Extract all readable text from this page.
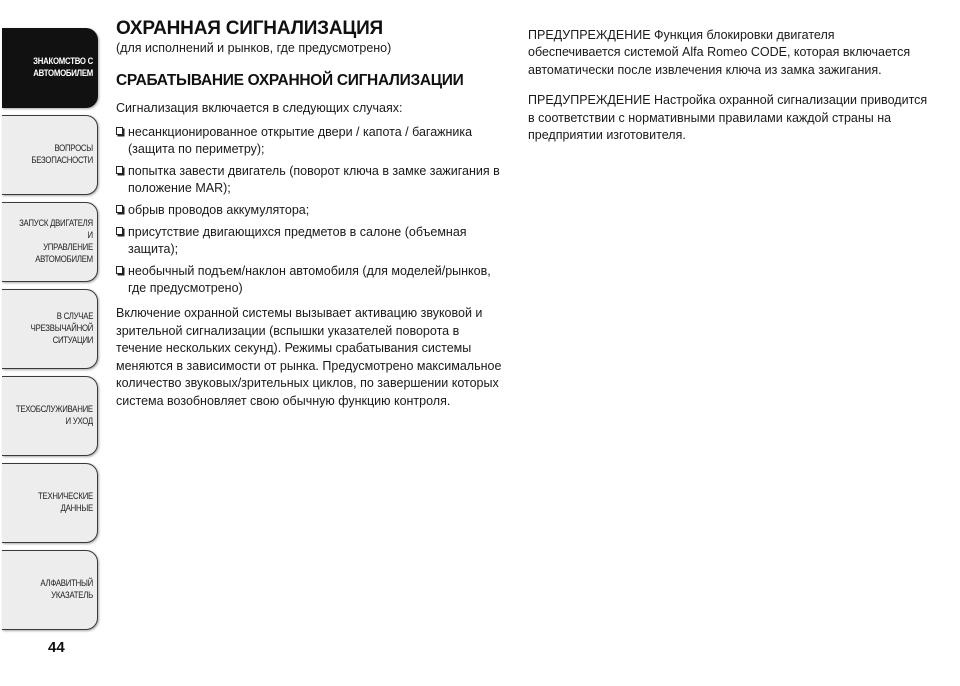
ЗНАКОМСТВО С
АВТОМОБИЛЕМ
ВОПРОСЫ
БЕЗОПАСНОСТИ
ЗАПУСК ДВИГАТЕЛЯ И
УПРАВЛЕНИЕ
АВТОМОБИЛЕМ
В СЛУЧАЕ
ЧРЕЗВЫЧАЙНОЙ
СИТУАЦИИ
ТЕХОБСЛУЖИВАНИЕ
И УХОД
ТЕХНИЧЕСКИЕ
ДАННЫЕ
АЛФАВИТНЫЙ
УКАЗАТЕЛЬ
44
ОХРАННАЯ СИГНАЛИЗАЦИЯ

(для исполнений и рынков, где предусмотрено)

СРАБАТЫВАНИЕ ОХРАННОЙ СИГНАЛИЗАЦИИ

Сигнализация включается в следующих случаях:

несанкционированное открытие двери / капота / багажника (защита по периметру);
попытка завести двигатель (поворот ключа в замке зажигания в положение MAR);
обрыв проводов аккумулятора;
присутствие двигающихся предметов в салоне (объемная защита);
необычный подъем/наклон автомобиля (для моделей/рынков, где предусмотрено)

Включение охранной системы вызывает активацию звуковой и зрительной сигнализации (вспышки указателей поворота в течение нескольких секунд). Режимы срабатывания системы меняются в зависимости от рынка. Предусмотрено максимальное количество звуковых/зрительных циклов, по завершении которых система возобновляет свою обычную функцию контроля.

ПРЕДУПРЕЖДЕНИЕ Функция блокировки двигателя обеспечивается системой Alfa Romeo CODE, которая включается автоматически после извлечения ключа из замка зажигания.

ПРЕДУПРЕЖДЕНИЕ Настройка охранной сигнализации приводится в соответствии с нормативными правилами каждой страны на предприятии изготовителя.
